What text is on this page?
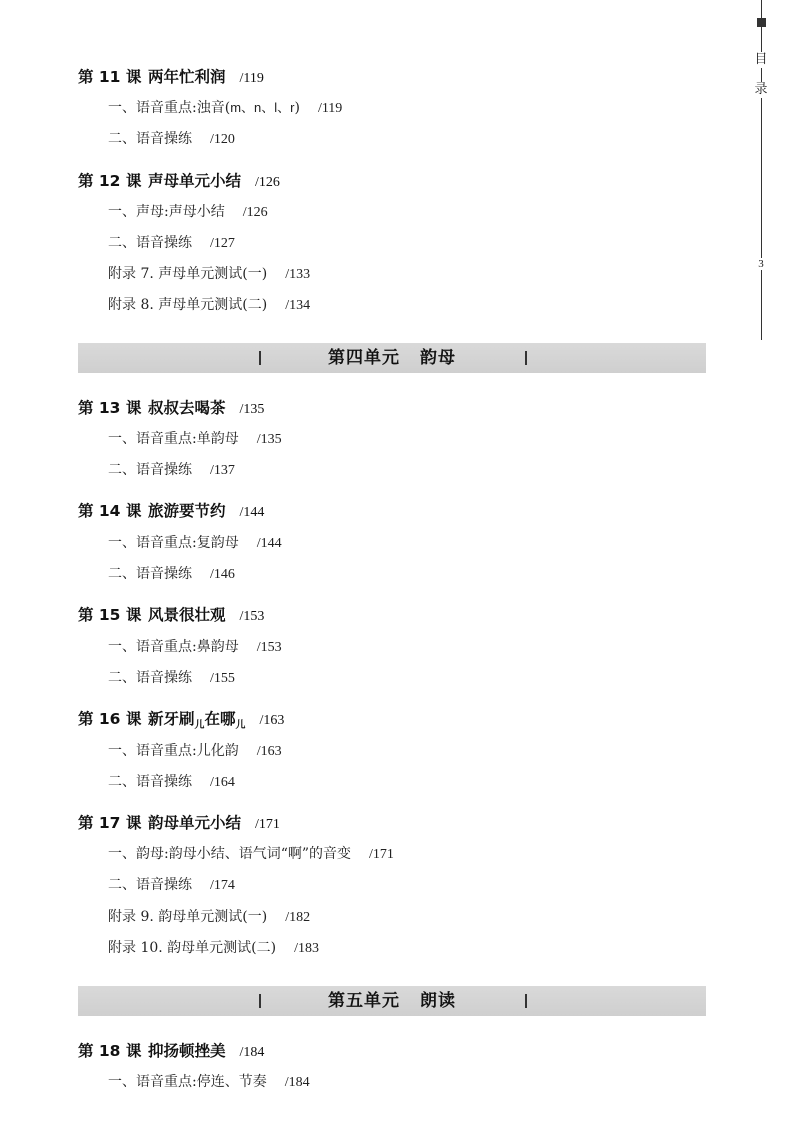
目
录
3
第 11 课 两年忙利润 /119
一、语音重点:浊音(m、n、l、r) /119
二、语音操练 /120
第 12 课 声母单元小结 /126
一、声母:声母小结 /126
二、语音操练 /127
附录 7. 声母单元测试(一) /133
附录 8. 声母单元测试(二) /134
第四单元 韵母
第 13 课 叔叔去喝茶 /135
一、语音重点:单韵母 /135
二、语音操练 /137
第 14 课 旅游要节约 /144
一、语音重点:复韵母 /144
二、语音操练 /146
第 15 课 风景很壮观 /153
一、语音重点:鼻韵母 /153
二、语音操练 /155
第 16 课 新牙刷$_儿$在哪$_儿$ /163
一、语音重点:儿化韵 /163
二、语音操练 /164
第 17 课 韵母单元小结 /171
一、韵母:韵母小结、语气词“啊”的音变 /171
二、语音操练 /174
附录 9. 韵母单元测试(一) /182
附录 10. 韵母单元测试(二) /183
第五单元 朗读
第 18 课 抑扬顿挫美 /184
一、语音重点:停连、节奏 /184
